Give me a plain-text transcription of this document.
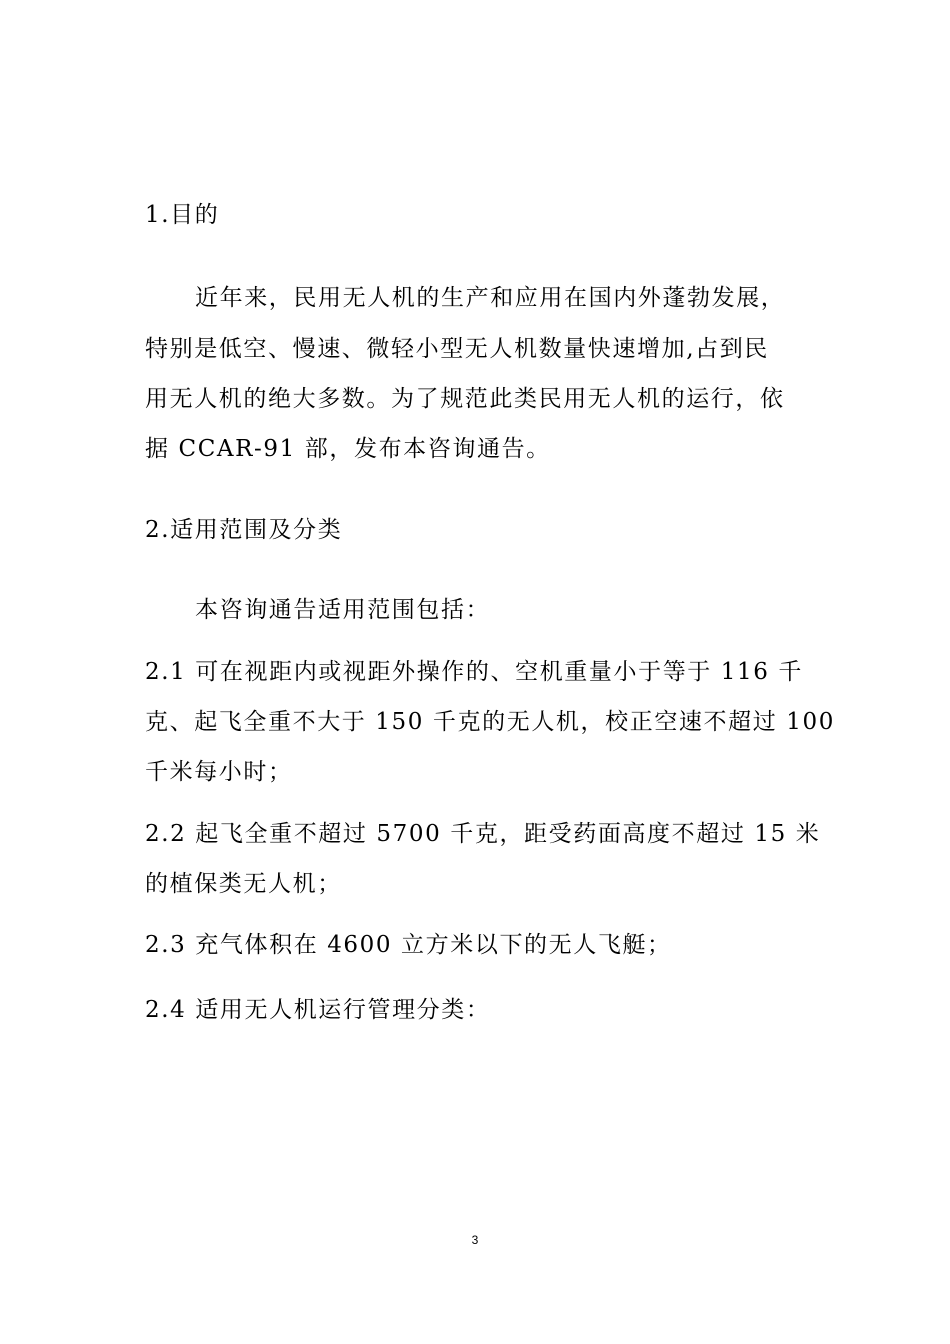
1.目的
近年来，民用无人机的生产和应用在国内外蓬勃发展，
特别是低空、慢速、微轻小型无人机数量快速增加,占到民
用无人机的绝大多数。为了规范此类民用无人机的运行，依
据 CCAR-91 部，发布本咨询通告。
2.适用范围及分类
本咨询通告适用范围包括：
2.1 可在视距内或视距外操作的、空机重量小于等于 116 千
克、起飞全重不大于 150 千克的无人机，校正空速不超过 100
千米每小时；
2.2 起飞全重不超过 5700 千克，距受药面高度不超过 15 米
的植保类无人机；
2.3 充气体积在 4600 立方米以下的无人飞艇；
2.4 适用无人机运行管理分类：
3
